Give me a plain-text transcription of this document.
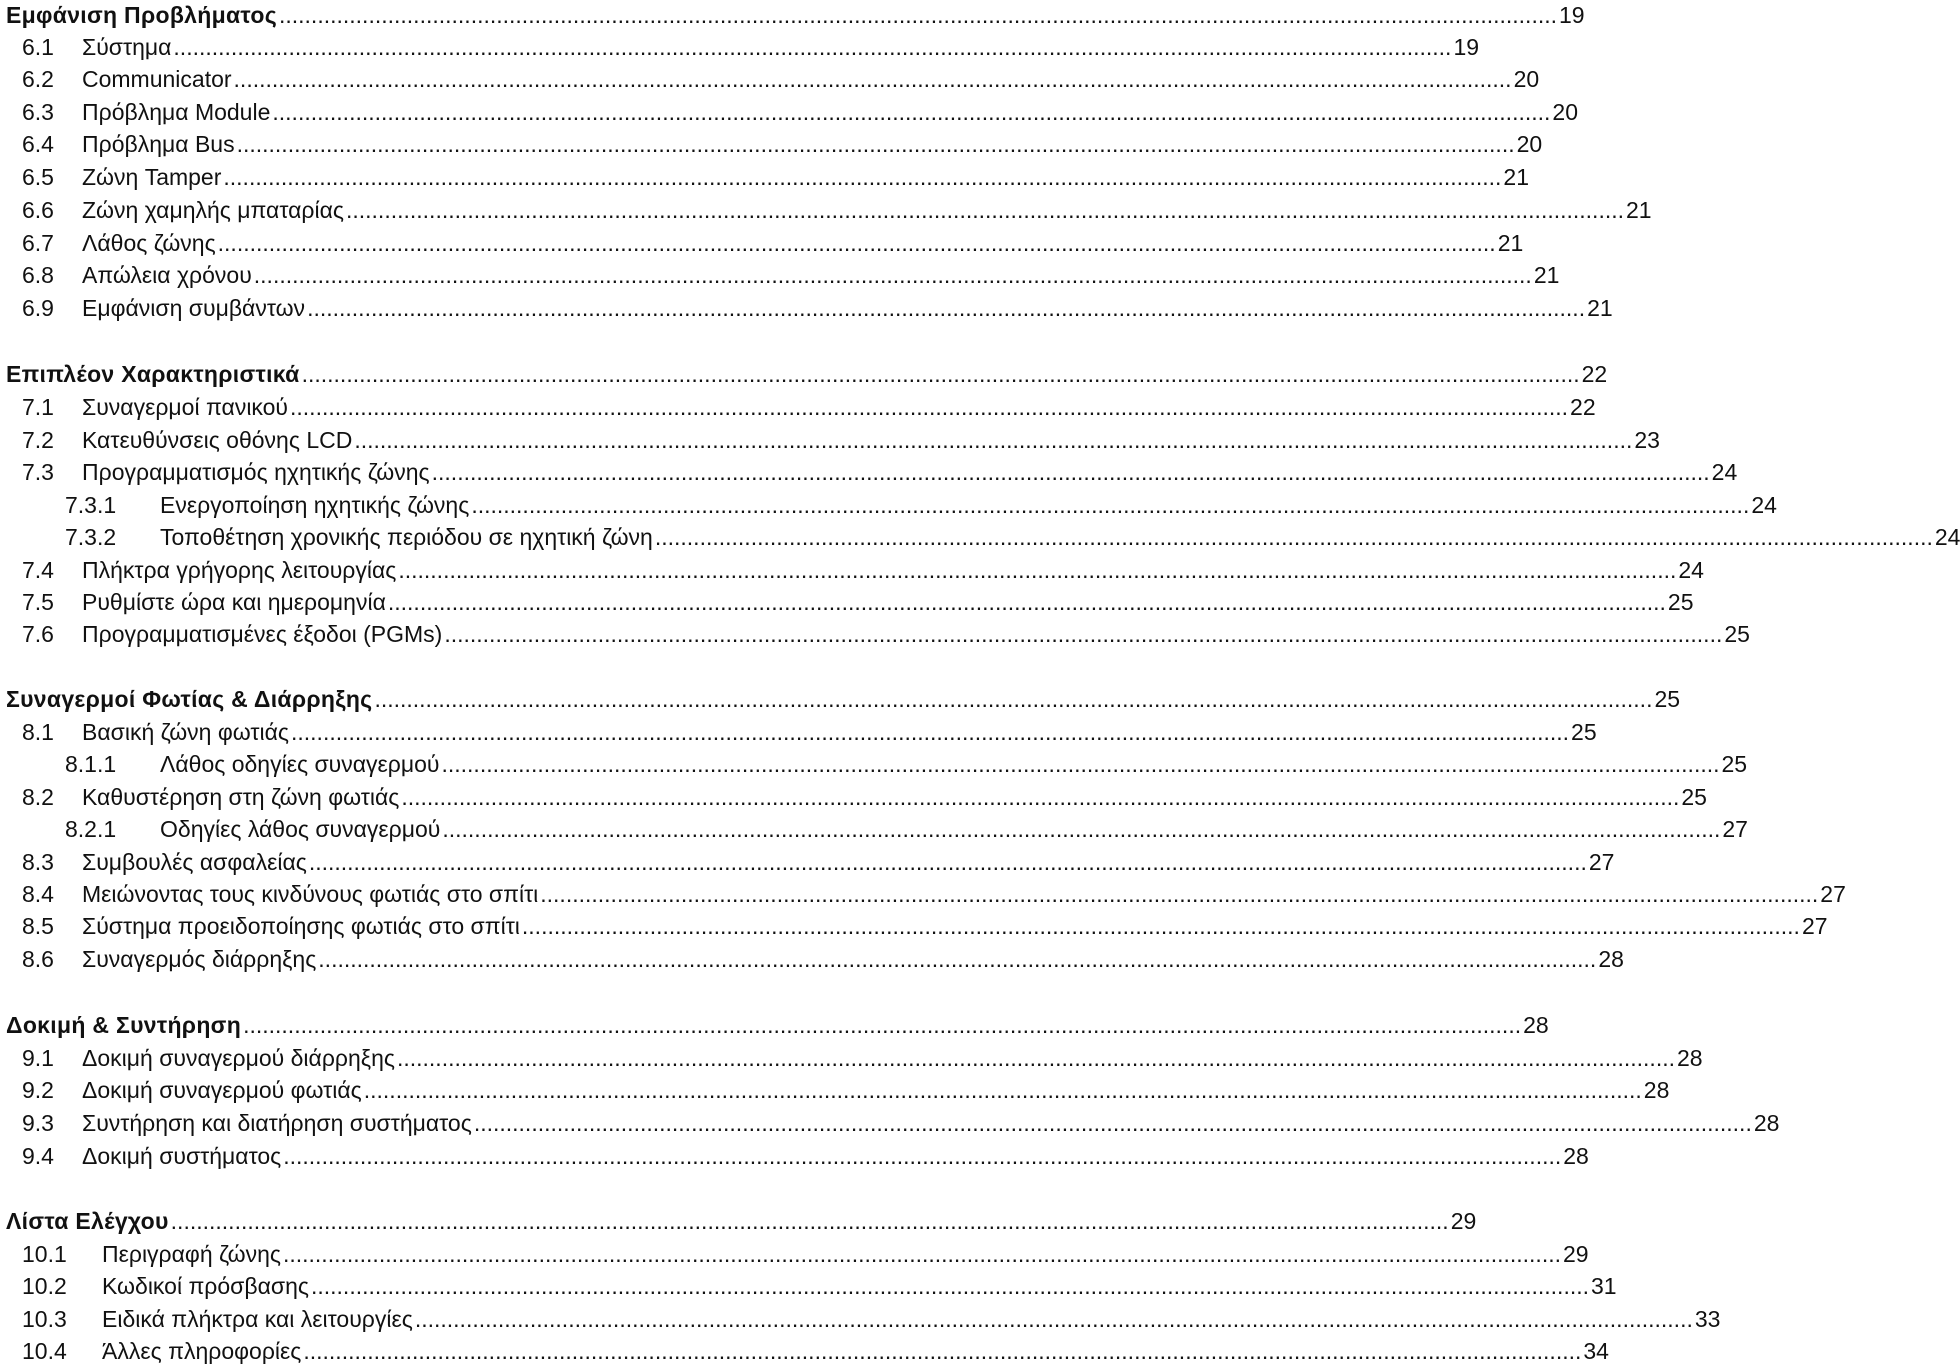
Εμφάνιση Προβλήματος ........................................................................................................................................................................................................ 19
6.1	Σύστημα ........................................................................................................................................................................................................ 19
6.2	Communicator ........................................................................................................................................................................................................ 20
6.3	Πρόβλημα Module ........................................................................................................................................................................................................ 20
6.4	Πρόβλημα Bus ........................................................................................................................................................................................................ 20
6.5	Ζώνη Tamper ........................................................................................................................................................................................................ 21
6.6	Ζώνη χαμηλής μπαταρίας ........................................................................................................................................................................................................ 21
6.7	Λάθος ζώνης ........................................................................................................................................................................................................ 21
6.8	Απώλεια χρόνου ........................................................................................................................................................................................................ 21
6.9	Εμφάνιση συμβάντων ........................................................................................................................................................................................................ 21
Επιπλέον Χαρακτηριστικά ........................................................................................................................................................................................................ 22
7.1	Συναγερμοί πανικού ........................................................................................................................................................................................................ 22
7.2	Κατευθύνσεις οθόνης LCD ........................................................................................................................................................................................................ 23
7.3	Προγραμματισμός ηχητικής ζώνης ........................................................................................................................................................................................................ 24
7.3.1	Ενεργοποίηση ηχητικής ζώνης ........................................................................................................................................................................................................ 24
7.3.2	Τοποθέτηση χρονικής περιόδου σε ηχητική ζώνη ........................................................................................................................................................................................................ 24
7.4	Πλήκτρα γρήγορης λειτουργίας ........................................................................................................................................................................................................ 24
7.5	Ρυθμίστε ώρα και ημερομηνία ........................................................................................................................................................................................................ 25
7.6	Προγραμματισμένες έξοδοι (PGMs) ........................................................................................................................................................................................................ 25
Συναγερμοί Φωτίας & Διάρρηξης ........................................................................................................................................................................................................ 25
8.1	Βασική ζώνη φωτιάς ........................................................................................................................................................................................................ 25
8.1.1	Λάθος οδηγίες συναγερμού ........................................................................................................................................................................................................ 25
8.2	Καθυστέρηση στη ζώνη φωτιάς ........................................................................................................................................................................................................ 25
8.2.1	Οδηγίες λάθος συναγερμού ........................................................................................................................................................................................................ 27
8.3	Συμβουλές ασφαλείας ........................................................................................................................................................................................................ 27
8.4	Μειώνοντας τους κινδύνους φωτιάς στο σπίτι ........................................................................................................................................................................................................ 27
8.5	Σύστημα προειδοποίησης φωτιάς στο σπίτι ........................................................................................................................................................................................................ 27
8.6	Συναγερμός διάρρηξης ........................................................................................................................................................................................................ 28
Δοκιμή & Συντήρηση ........................................................................................................................................................................................................ 28
9.1	Δοκιμή συναγερμού διάρρηξης ........................................................................................................................................................................................................ 28
9.2	Δοκιμή συναγερμού φωτιάς ........................................................................................................................................................................................................ 28
9.3	Συντήρηση και διατήρηση συστήματος ........................................................................................................................................................................................................ 28
9.4	Δοκιμή συστήματος ........................................................................................................................................................................................................ 28
Λίστα Ελέγχου ........................................................................................................................................................................................................ 29
10.1	Περιγραφή ζώνης ........................................................................................................................................................................................................ 29
10.2	Κωδικοί πρόσβασης ........................................................................................................................................................................................................ 31
10.3	Ειδικά πλήκτρα και λειτουργίες ........................................................................................................................................................................................................ 33
10.4	Άλλες πληροφορίες ........................................................................................................................................................................................................ 34
